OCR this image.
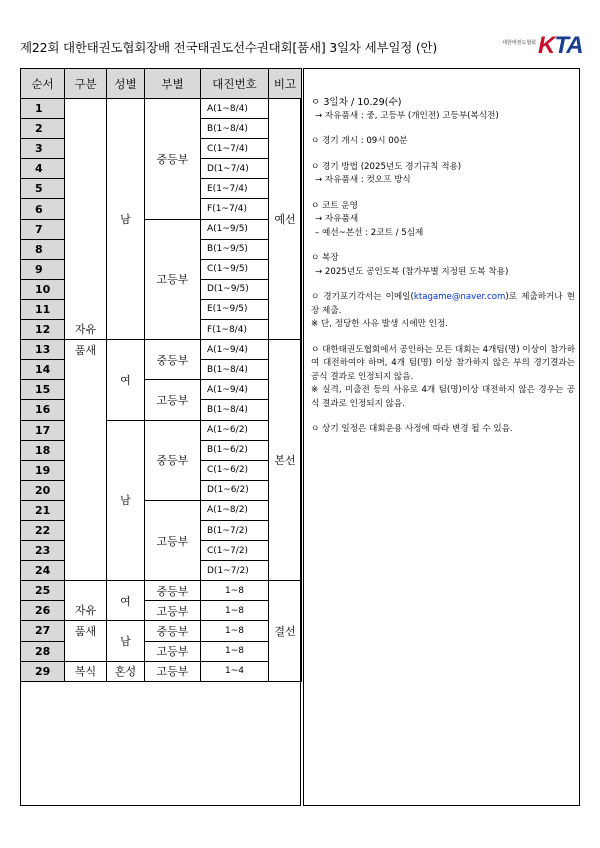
제22회 대한태권도협회장배 전국태권도선수권대회[품새] 3일차 세부일정 (안)	대한태권도협회 KTA
순서	구분	성별	부별	대진번호	비고
1	자유	남	중등부	A(1~8/4)	예선
2				B(1~8/4)	
3				C(1~7/4)	
4				D(1~7/4)	
5				E(1~7/4)	
6				F(1~7/4)	
7			고등부	A(1~9/5)	
8				B(1~9/5)	
9				C(1~9/5)	
10				D(1~9/5)	
11				E(1~9/5)	
12				F(1~8/4)	
13	품새	여	중등부	A(1~9/4)	본선
14				B(1~8/4)	
15			고등부	A(1~9/4)	
16				B(1~8/4)	
17		남	중등부	A(1~6/2)	
18				B(1~6/2)	
19				C(1~6/2)	
20				D(1~6/2)	
21			고등부	A(1~8/2)	
22				B(1~7/2)	
23				C(1~7/2)	
24				D(1~7/2)	
25	자유	여	중등부	1~8	결선
26			고등부	1~8	
27	품새	남	중등부	1~8	
28			고등부	1~8	
29	복식	혼성	고등부	1~4	

ㅇ 3일차 / 10.29(수)

→ 자유품새 : 중, 고등부 (개인전) 고등부(복식전)

ㅇ 경기 개시 : 09시 00분

ㅇ 경기 방법 (2025년도 경기규칙 적용)

→ 자유품새 : 컷오프 방식

ㅇ 코트 운영

→ 자유품새

– 예선~본선 : 2코트 / 5심제

ㅇ 복장

→ 2025년도 공인도복 (참가부별 지정된 도복 착용)

ㅇ 경기포기각서는 이메일(ktagame@naver.com)로 제출하거나 현장 제출.

※ 단, 정당한 사유 발생 시에만 인정.

ㅇ 대한태권도협회에서 공인하는 모든 대회는 4개팀(명) 이상이 참가하여 대전하여야 하며, 4개 팀(명) 이상 참가하지 않은 부의 경기결과는 공식 결과로 인정되지 않음.

※ 실격, 미출전 등의 사유로 4개 팀(명)이상 대전하지 않은 경우는 공식 결과로 인정되지 않음.

ㅇ 상기 일정은 대회운용 사정에 따라 변경 될 수 있음.
